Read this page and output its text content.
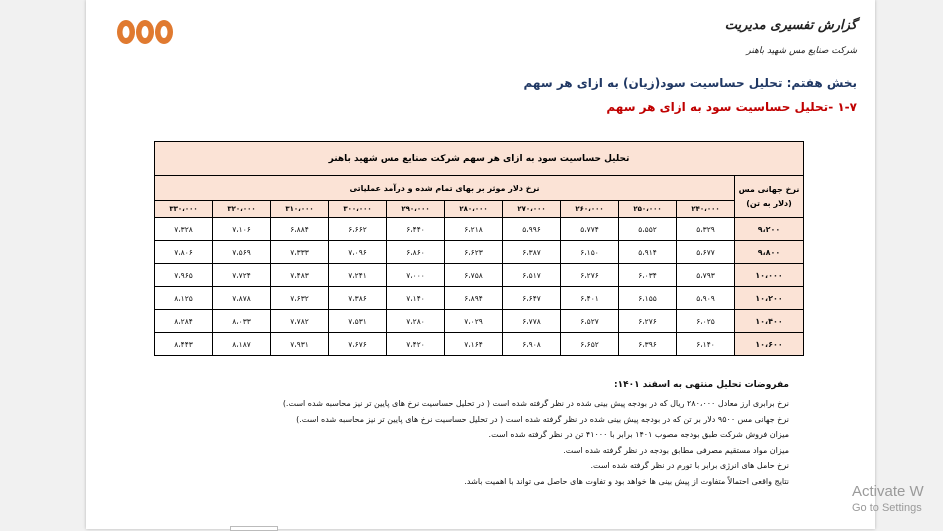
گزارش تفسیری مدیریت
شرکت صنایع مس شهید باهنر
بخش هفتم: تحلیل حساسیت سود(زیان) به ازای هر سهم
۱-۷ -تحلیل حساسیت سود به ازای هر سهم
تحلیل حساسیت سود به ازای هر سهم شرکت صنایع مس شهید باهنر										

نرخ جهانی مس
(دلار به تن)	نرخ دلار موثر بر بهای تمام شده و درآمد عملیاتی									
	۲۴۰،۰۰۰	۲۵۰،۰۰۰	۲۶۰،۰۰۰	۲۷۰،۰۰۰	۲۸۰،۰۰۰	۲۹۰،۰۰۰	۳۰۰،۰۰۰	۳۱۰،۰۰۰	۳۲۰،۰۰۰	۳۳۰،۰۰۰
۹،۲۰۰	۵،۳۲۹	۵،۵۵۲	۵،۷۷۴	۵،۹۹۶	۶،۲۱۸	۶،۴۴۰	۶،۶۶۲	۶،۸۸۴	۷،۱۰۶	۷،۳۲۸
۹،۸۰۰	۵،۶۷۷	۵،۹۱۴	۶،۱۵۰	۶،۳۸۷	۶،۶۲۳	۶،۸۶۰	۷،۰۹۶	۷،۳۳۳	۷،۵۶۹	۷،۸۰۶
۱۰،۰۰۰	۵،۷۹۳	۶،۰۳۴	۶،۲۷۶	۶،۵۱۷	۶،۷۵۸	۷،۰۰۰	۷،۲۴۱	۷،۴۸۳	۷،۷۲۴	۷،۹۶۵
۱۰،۲۰۰	۵،۹۰۹	۶،۱۵۵	۶،۴۰۱	۶،۶۴۷	۶،۸۹۴	۷،۱۴۰	۷،۳۸۶	۷،۶۳۲	۷،۸۷۸	۸،۱۲۵
۱۰،۴۰۰	۶،۰۲۵	۶،۲۷۶	۶،۵۲۷	۶،۷۷۸	۷،۰۲۹	۷،۲۸۰	۷،۵۳۱	۷،۷۸۲	۸،۰۳۳	۸،۲۸۴
۱۰،۶۰۰	۶،۱۴۰	۶،۳۹۶	۶،۶۵۲	۶،۹۰۸	۷،۱۶۴	۷،۴۲۰	۷،۶۷۶	۷،۹۳۱	۸،۱۸۷	۸،۴۴۳
مفروضات تحلیل منتهی به اسفند ۱۴۰۱:
نرخ برابری ارز معادل ۲۸۰،۰۰۰ ریال که در بودجه پیش بینی شده در نظر گرفته شده است ( در تحلیل حساسیت نرخ های پایین تر نیز محاسبه شده است.)
نرخ جهانی مس ۹۵۰۰ دلار بر تن که در بودجه پیش بینی شده در نظر گرفته شده است ( در تحلیل حساسیت نرخ های پایین تر نیز محاسبه شده است.)
میزان فروش شرکت طبق بودجه مصوب ۱۴۰۱ برابر با ۴۱۰۰۰ تن در نظر گرفته شده است.
میزان مواد مستقیم مصرفی مطابق بودجه در نظر گرفته شده است.
نرخ حامل های انرژی برابر با تورم در نظر گرفته شده است.
نتایج واقعی احتمالاً متفاوت از پیش بینی ها خواهد بود و تفاوت های حاصل می تواند با اهمیت باشد.
Activate W
Go to Settings
